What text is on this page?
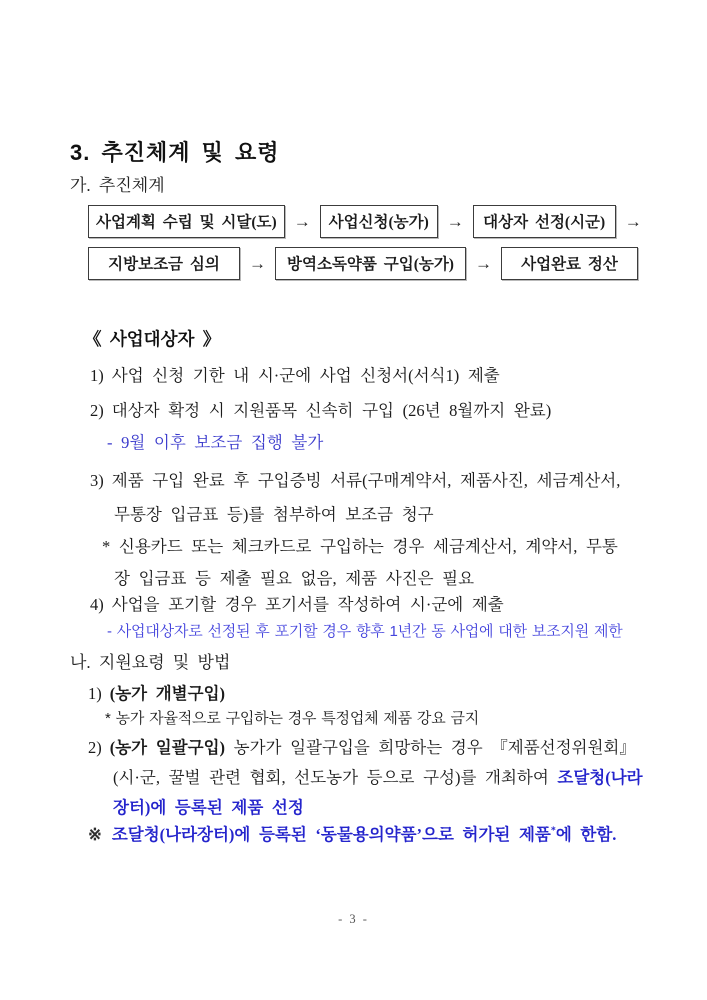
3. 추진체계 및 요령
가. 추진체계
사업계획 수립 및 시달(도)	→	사업신청(농가)	→	대상자 선정(시군)	→
지방보조금 심의	→	방역소독약품 구입(농가)	→	사업완료 정산
《 사업대상자 》
1) 사업 신청 기한 내 시·군에 사업 신청서(서식1) 제출
2) 대상자 확정 시 지원품목 신속히 구입 (26년 8월까지 완료)
- 9월 이후 보조금 집행 불가
3) 제품 구입 완료 후 구입증빙 서류(구매계약서, 제품사진, 세금계산서,
무통장 입금표 등)를 첨부하여 보조금 청구
* 신용카드 또는 체크카드로 구입하는 경우 세금계산서, 계약서, 무통
장 입금표 등 제출 필요 없음, 제품 사진은 필요
4) 사업을 포기할 경우 포기서를 작성하여 시·군에 제출
- 사업대상자로 선정된 후 포기할 경우 향후 1년간 동 사업에 대한 보조지원 제한
나. 지원요령 및 방법
1) (농가 개별구입)
* 농가 자율적으로 구입하는 경우 특정업체 제품 강요 금지
2) (농가 일괄구입) 농가가 일괄구입을 희망하는 경우 『제품선정위원회』
(시·군, 꿀벌 관련 협회, 선도농가 등으로 구성)를 개최하여 조달청(나라
장터)에 등록된 제품 선정
※ 조달청(나라장터)에 등록된 ‘동물용의약품’으로 허가된 제품*에 한함.
- 3 -
